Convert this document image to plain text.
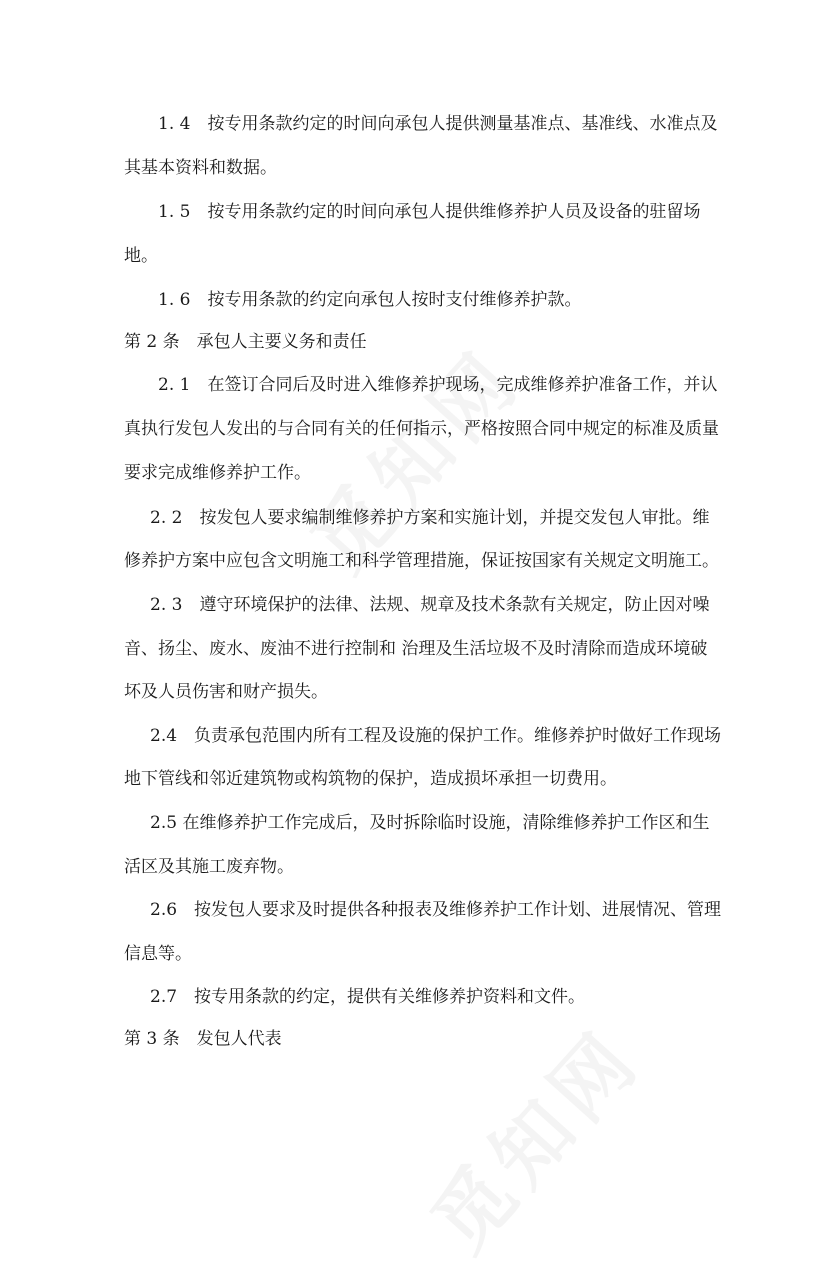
1. 4　按专用条款约定的时间向承包人提供测量基准点、基准线、水准点及
其基本资料和数据。
1. 5　按专用条款约定的时间向承包人提供维修养护人员及设备的驻留场
地。
1. 6　按专用条款的约定向承包人按时支付维修养护款。
第 2 条　承包人主要义务和责任
2. 1　在签订合同后及时进入维修养护现场，完成维修养护准备工作，并认
真执行发包人发出的与合同有关的任何指示，严格按照合同中规定的标准及质量
要求完成维修养护工作。
2. 2　按发包人要求编制维修养护方案和实施计划，并提交发包人审批。维
修养护方案中应包含文明施工和科学管理措施，保证按国家有关规定文明施工。
2. 3　遵守环境保护的法律、法规、规章及技术条款有关规定，防止因对噪
音、扬尘、废水、废油不进行控制和 治理及生活垃圾不及时清除而造成环境破
坏及人员伤害和财产损失。
2.4　负责承包范围内所有工程及设施的保护工作。维修养护时做好工作现场
地下管线和邻近建筑物或构筑物的保护，造成损坏承担一切费用。
2.5 在维修养护工作完成后，及时拆除临时设施，清除维修养护工作区和生
活区及其施工废弃物。
2.6　按发包人要求及时提供各种报表及维修养护工作计划、进展情况、管理
信息等。
2.7　按专用条款的约定，提供有关维修养护资料和文件。
第 3 条　发包人代表
